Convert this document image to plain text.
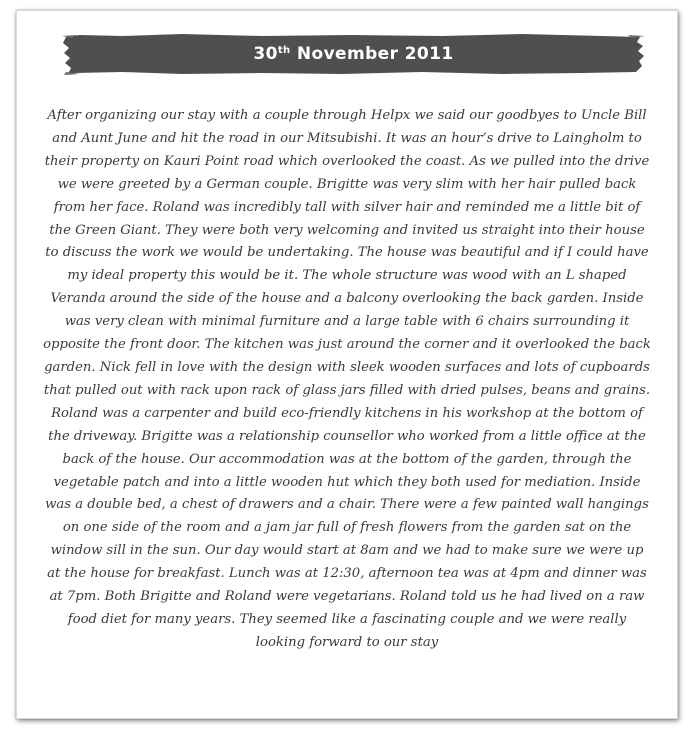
30th November 2011

After organizing our stay with a couple through Helpx we said our goodbyes to Uncle Bill and Aunt June and hit the road in our Mitsubishi. It was an hour’s drive to Laingholm to their property on Kauri Point road which overlooked the coast. As we pulled into the drive we were greeted by a German couple. Brigitte was very slim with her hair pulled back from her face. Roland was incredibly tall with silver hair and reminded me a little bit of the Green Giant. They were both very welcoming and invited us straight into their house to discuss the work we would be undertaking. The house was beautiful and if I could have my ideal property this would be it. The whole structure was wood with an L shaped Veranda around the side of the house and a balcony overlooking the back garden. Inside was very clean with minimal furniture and a large table with 6 chairs surrounding it opposite the front door. The kitchen was just around the corner and it overlooked the back garden. Nick fell in love with the design with sleek wooden surfaces and lots of cupboards that pulled out with rack upon rack of glass jars filled with dried pulses, beans and grains. Roland was a carpenter and build eco-friendly kitchens in his workshop at the bottom of the driveway. Brigitte was a relationship counsellor who worked from a little office at the back of the house. Our accommodation was at the bottom of the garden, through the vegetable patch and into a little wooden hut which they both used for mediation. Inside was a double bed, a chest of drawers and a chair. There were a few painted wall hangings on one side of the room and a jam jar full of fresh flowers from the garden sat on the window sill in the sun. Our day would start at 8am and we had to make sure we were up at the house for breakfast. Lunch was at 12:30, afternoon tea was at 4pm and dinner was at 7pm. Both Brigitte and Roland were vegetarians. Roland told us he had lived on a raw food diet for many years. They seemed like a fascinating couple and we were really looking forward to our stay
